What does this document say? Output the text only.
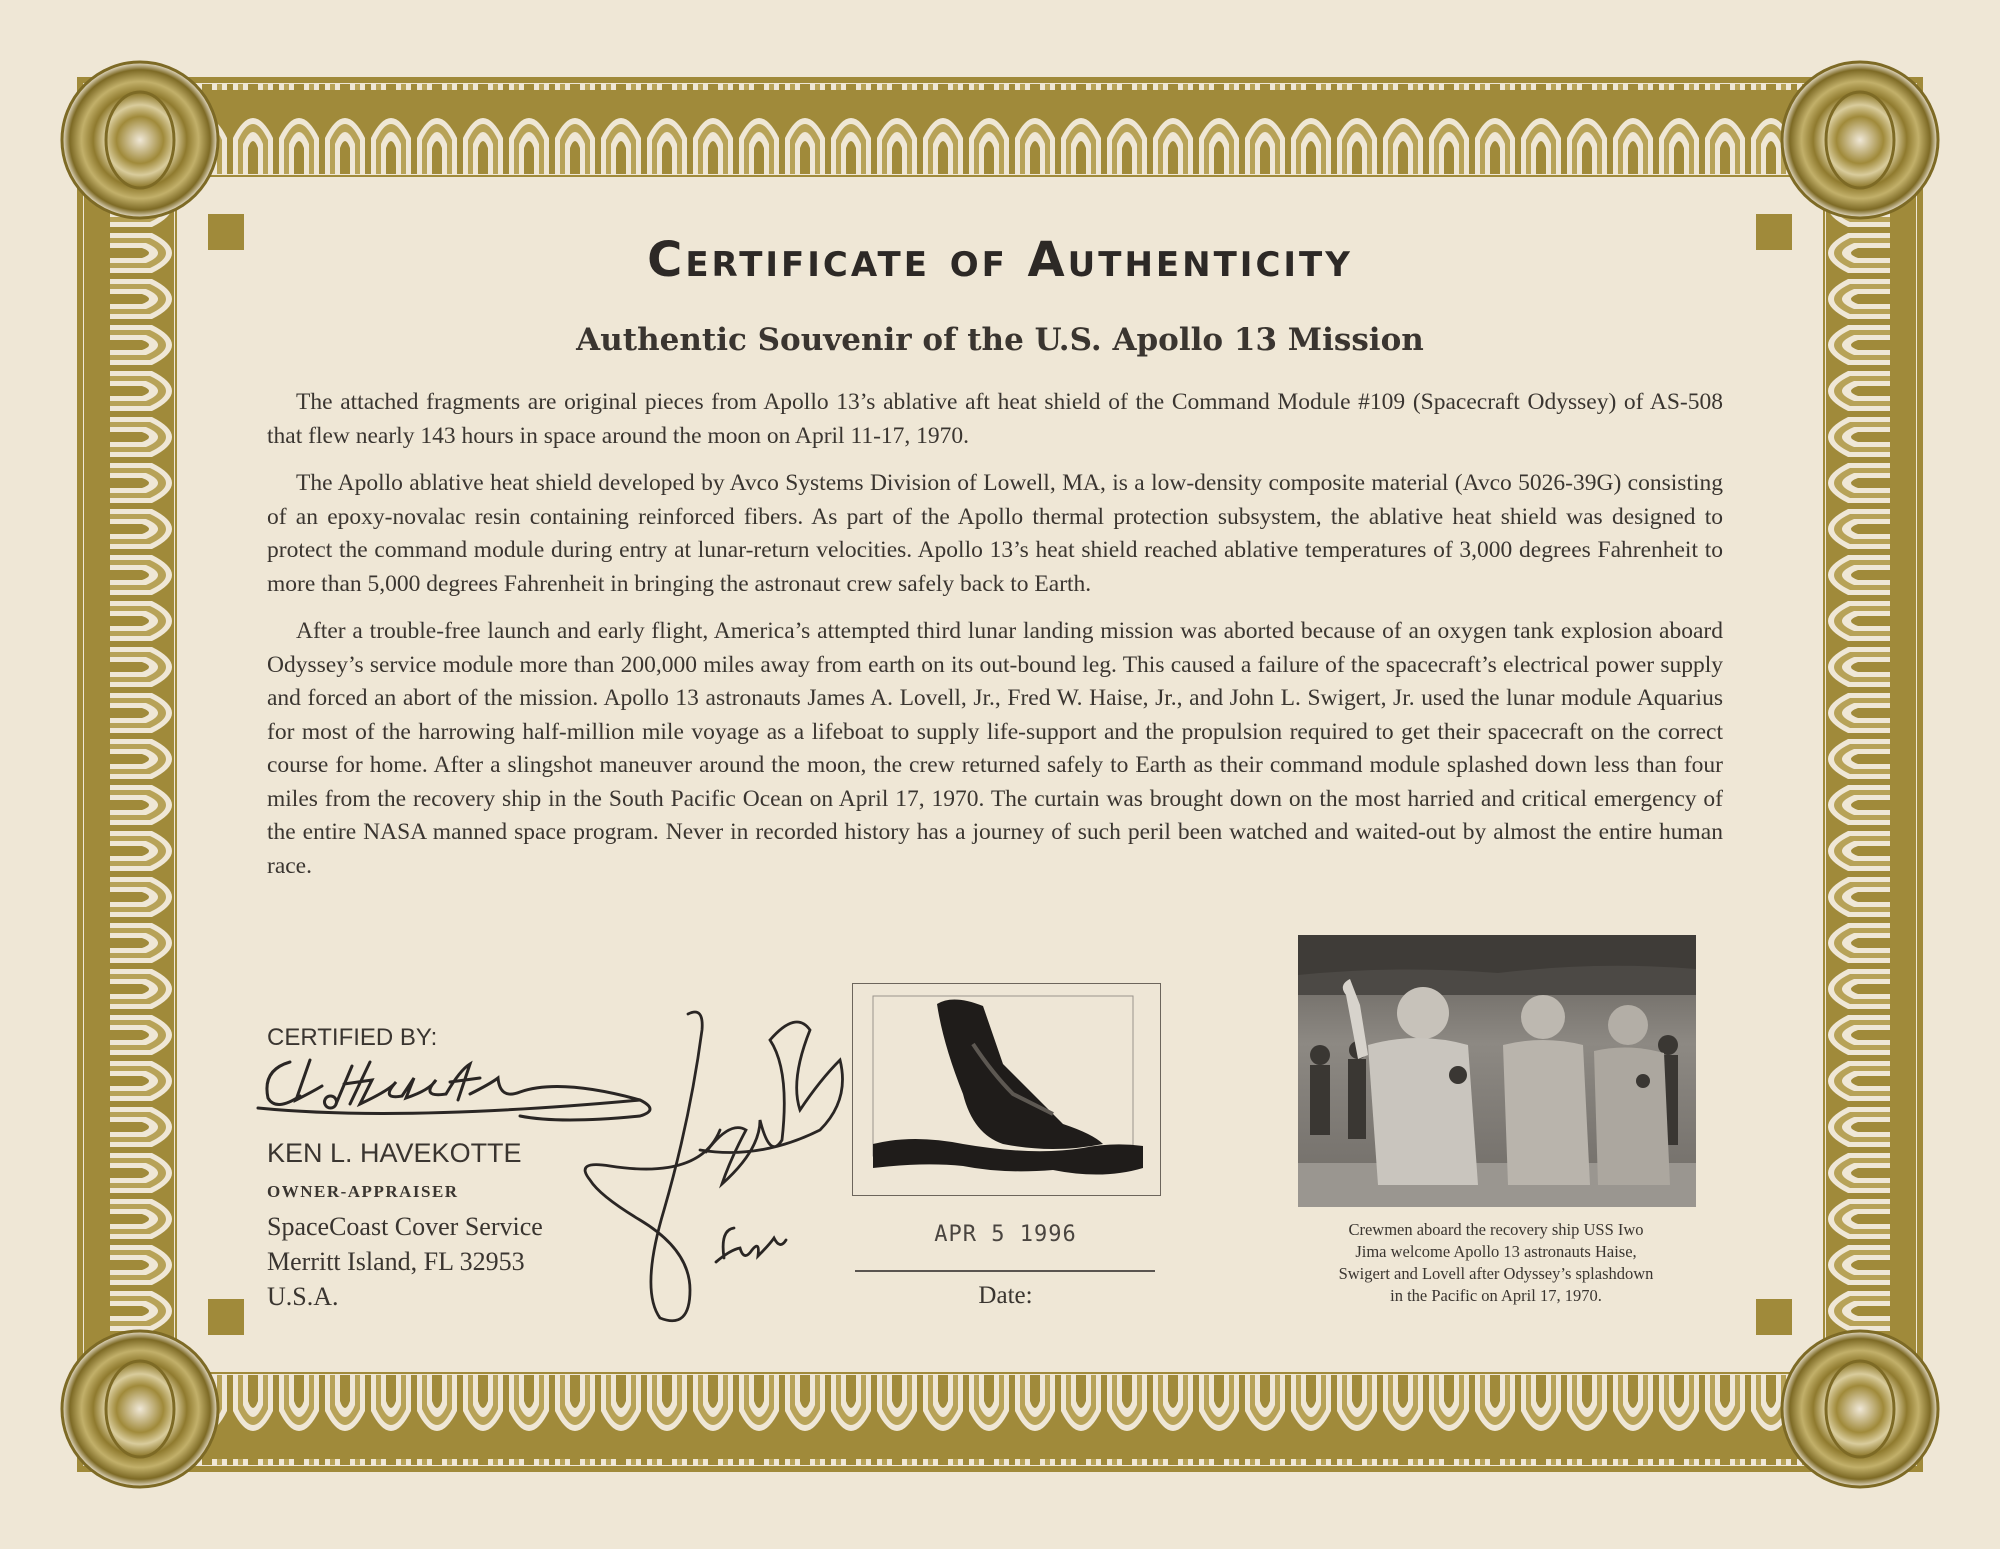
Certificate of Authenticity
Authentic Souvenir of the U.S. Apollo 13 Mission

The attached fragments are original pieces from Apollo 13’s ablative aft heat shield of the Command Module #109 (Spacecraft Odyssey) of AS-508 that flew nearly 143 hours in space around the moon on April 11-17, 1970.

The Apollo ablative heat shield developed by Avco Systems Division of Lowell, MA, is a low-density composite material (Avco 5026-39G) consisting of an epoxy-novalac resin containing reinforced fibers. As part of the Apollo thermal protection subsystem, the ablative heat shield was designed to protect the command module during entry at lunar-return velocities. Apollo 13’s heat shield reached ablative temperatures of 3,000 degrees Fahrenheit to more than 5,000 degrees Fahrenheit in bringing the astronaut crew safely back to Earth.

After a trouble-free launch and early flight, America’s attempted third lunar landing mission was aborted because of an oxygen tank explosion aboard Odyssey’s service module more than 200,000 miles away from earth on its out-bound leg. This caused a failure of the spacecraft’s electrical power supply and forced an abort of the mission. Apollo 13 astronauts James A. Lovell, Jr., Fred W. Haise, Jr., and John L. Swigert, Jr. used the lunar module Aquarius for most of the harrowing half-million mile voyage as a lifeboat to supply life-support and the propulsion required to get their spacecraft on the correct course for home. After a slingshot maneuver around the moon, the crew returned safely to Earth as their command module splashed down less than four miles from the recovery ship in the South Pacific Ocean on April 17, 1970. The curtain was brought down on the most harried and critical emergency of the entire NASA manned space program. Never in recorded history has a journey of such peril been watched and waited-out by almost the entire human race.

CERTIFIED BY:
KEN L. HAVEKOTTE
OWNER-APPRAISER
SpaceCoast Cover Service
Merritt Island, FL 32953
U.S.A.
APR 5 1996
Date:
Crewmen aboard the recovery ship USS Iwo
Jima welcome Apollo 13 astronauts Haise,
Swigert and Lovell after Odyssey’s splashdown
in the Pacific on April 17, 1970.
